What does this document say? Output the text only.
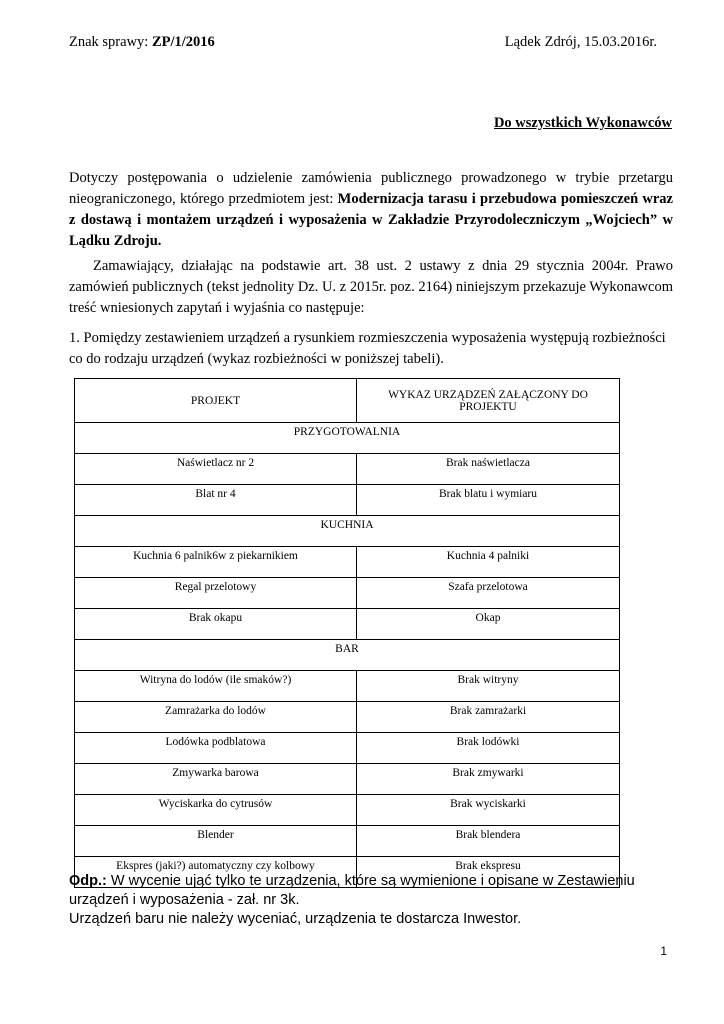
Znak sprawy: ZP/1/2016	Lądek Zdrój, 15.03.2016r.
Do wszystkich Wykonawców
Dotyczy postępowania o udzielenie zamówienia publicznego prowadzonego w trybie przetargu nieograniczonego, którego przedmiotem jest: Modernizacja tarasu i przebudowa pomieszczeń wraz z dostawą i montażem urządzeń i wyposażenia w Zakładzie Przyrodoleczniczym „Wojciech” w Lądku Zdroju.
Zamawiający, działając na podstawie art. 38 ust. 2 ustawy z dnia 29 stycznia 2004r. Prawo zamówień publicznych (tekst jednolity Dz. U. z 2015r. poz. 2164) niniejszym przekazuje Wykonawcom treść wniesionych zapytań i wyjaśnia co następuje:
1. Pomiędzy zestawieniem urządzeń a rysunkiem rozmieszczenia wyposażenia występują rozbieżności co do rodzaju urządzeń (wykaz rozbieżności w poniższej tabeli).
PROJEKT	WYKAZ URZĄDZEŃ ZAŁĄCZONY DO PROJEKTU
PRZYGOTOWALNIA	
Naświetlacz nr 2	Brak naświetlacza
Blat nr 4	Brak blatu i wymiaru
KUCHNIA	
Kuchnia 6 palnik6w z piekarnikiem	Kuchnia 4 palniki
Regal przelotowy	Szafa przelotowa
Brak okapu	Okap
BAR	
Witryna do lodów (ile smaków?)	Brak witryny
Zamrażarka do lodów	Brak zamrażarki
Lodówka podblatowa	Brak lodówki
Zmywarka barowa	Brak zmywarki
Wyciskarka do cytrusów	Brak wyciskarki
Blender	Brak blendera
Ekspres (jaki?) automatyczny czy kolbowy	Brak ekspresu
Odp.: W wycenie ująć tylko te urządzenia, które są wymienione i opisane w Zestawieniu urządzeń i wyposażenia - zał. nr 3k.
Urządzeń baru nie należy wyceniać, urządzenia te dostarcza Inwestor.
1
